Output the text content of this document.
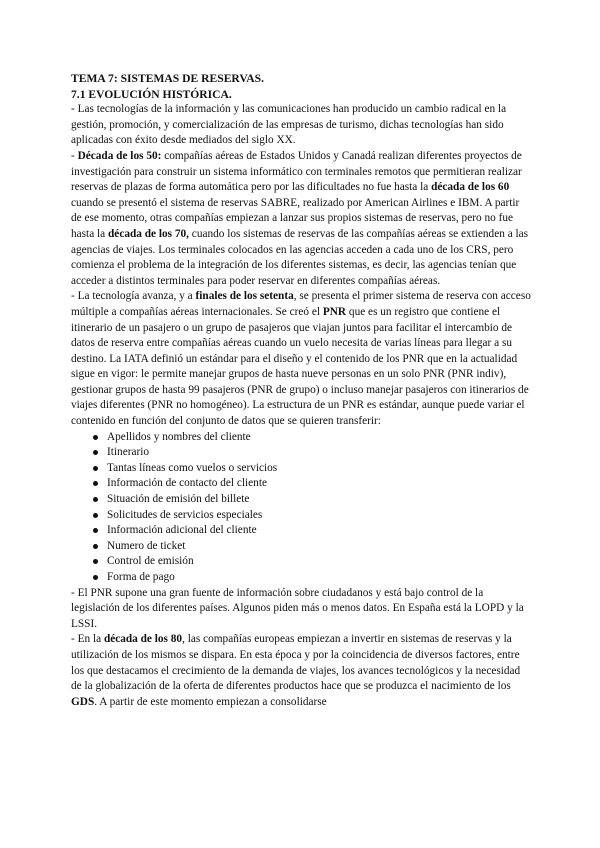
TEMA 7: SISTEMAS DE RESERVAS.
7.1 EVOLUCIÓN HISTÓRICA.

- Las tecnologías de la información y las comunicaciones han producido un cambio radical en la gestión, promoción, y comercialización de las empresas de turismo, dichas tecnologías han sido aplicadas con éxito desde mediados del siglo XX.

- Década de los 50: compañías aéreas de Estados Unidos y Canadá realizan diferentes proyectos de investigación para construir un sistema informático con terminales remotos que permitieran realizar reservas de plazas de forma automática pero por las dificultades no fue hasta la década de los 60 cuando se presentó el sistema de reservas SABRE, realizado por American Airlines e IBM. A partir de ese momento, otras compañías empiezan a lanzar sus propios sistemas de reservas, pero no fue hasta la década de los 70, cuando los sistemas de reservas de las compañías aéreas se extienden a las agencias de viajes. Los terminales colocados en las agencias acceden a cada uno de los CRS, pero comienza el problema de la integración de los diferentes sistemas, es decir, las agencias tenían que acceder a distintos terminales para poder reservar en diferentes compañías aéreas.

- La tecnología avanza, y a finales de los setenta, se presenta el primer sistema de reserva con acceso múltiple a compañías aéreas internacionales. Se creó el PNR que es un registro que contiene el itinerario de un pasajero o un grupo de pasajeros que viajan juntos para facilitar el intercambio de datos de reserva entre compañías aéreas cuando un vuelo necesita de varias líneas para llegar a su destino. La IATA definió un estándar para el diseño y el contenido de los PNR que en la actualidad sigue en vigor: le permite manejar grupos de hasta nueve personas en un solo PNR (PNR indiv), gestionar grupos de hasta 99 pasajeros (PNR de grupo) o incluso manejar pasajeros con itinerarios de viajes diferentes (PNR no homogéneo). La estructura de un PNR es estándar, aunque puede variar el contenido en función del conjunto de datos que se quieren transferir:

Apellidos y nombres del cliente
Itinerario
Tantas líneas como vuelos o servicios
Información de contacto del cliente
Situación de emisión del billete
Solicitudes de servicios especiales
Información adicional del cliente
Numero de ticket
Control de emisión
Forma de pago

- El PNR supone una gran fuente de información sobre ciudadanos y está bajo control de la legislación de los diferentes países. Algunos piden más o menos datos. En España está la LOPD y la LSSI.

- En la década de los 80, las compañías europeas empiezan a invertir en sistemas de reservas y la utilización de los mismos se dispara. En esta época y por la coincidencia de diversos factores, entre los que destacamos el crecimiento de la demanda de viajes, los avances tecnológicos y la necesidad de la globalización de la oferta de diferentes productos hace que se produzca el nacimiento de los GDS. A partir de este momento empiezan a consolidarse
